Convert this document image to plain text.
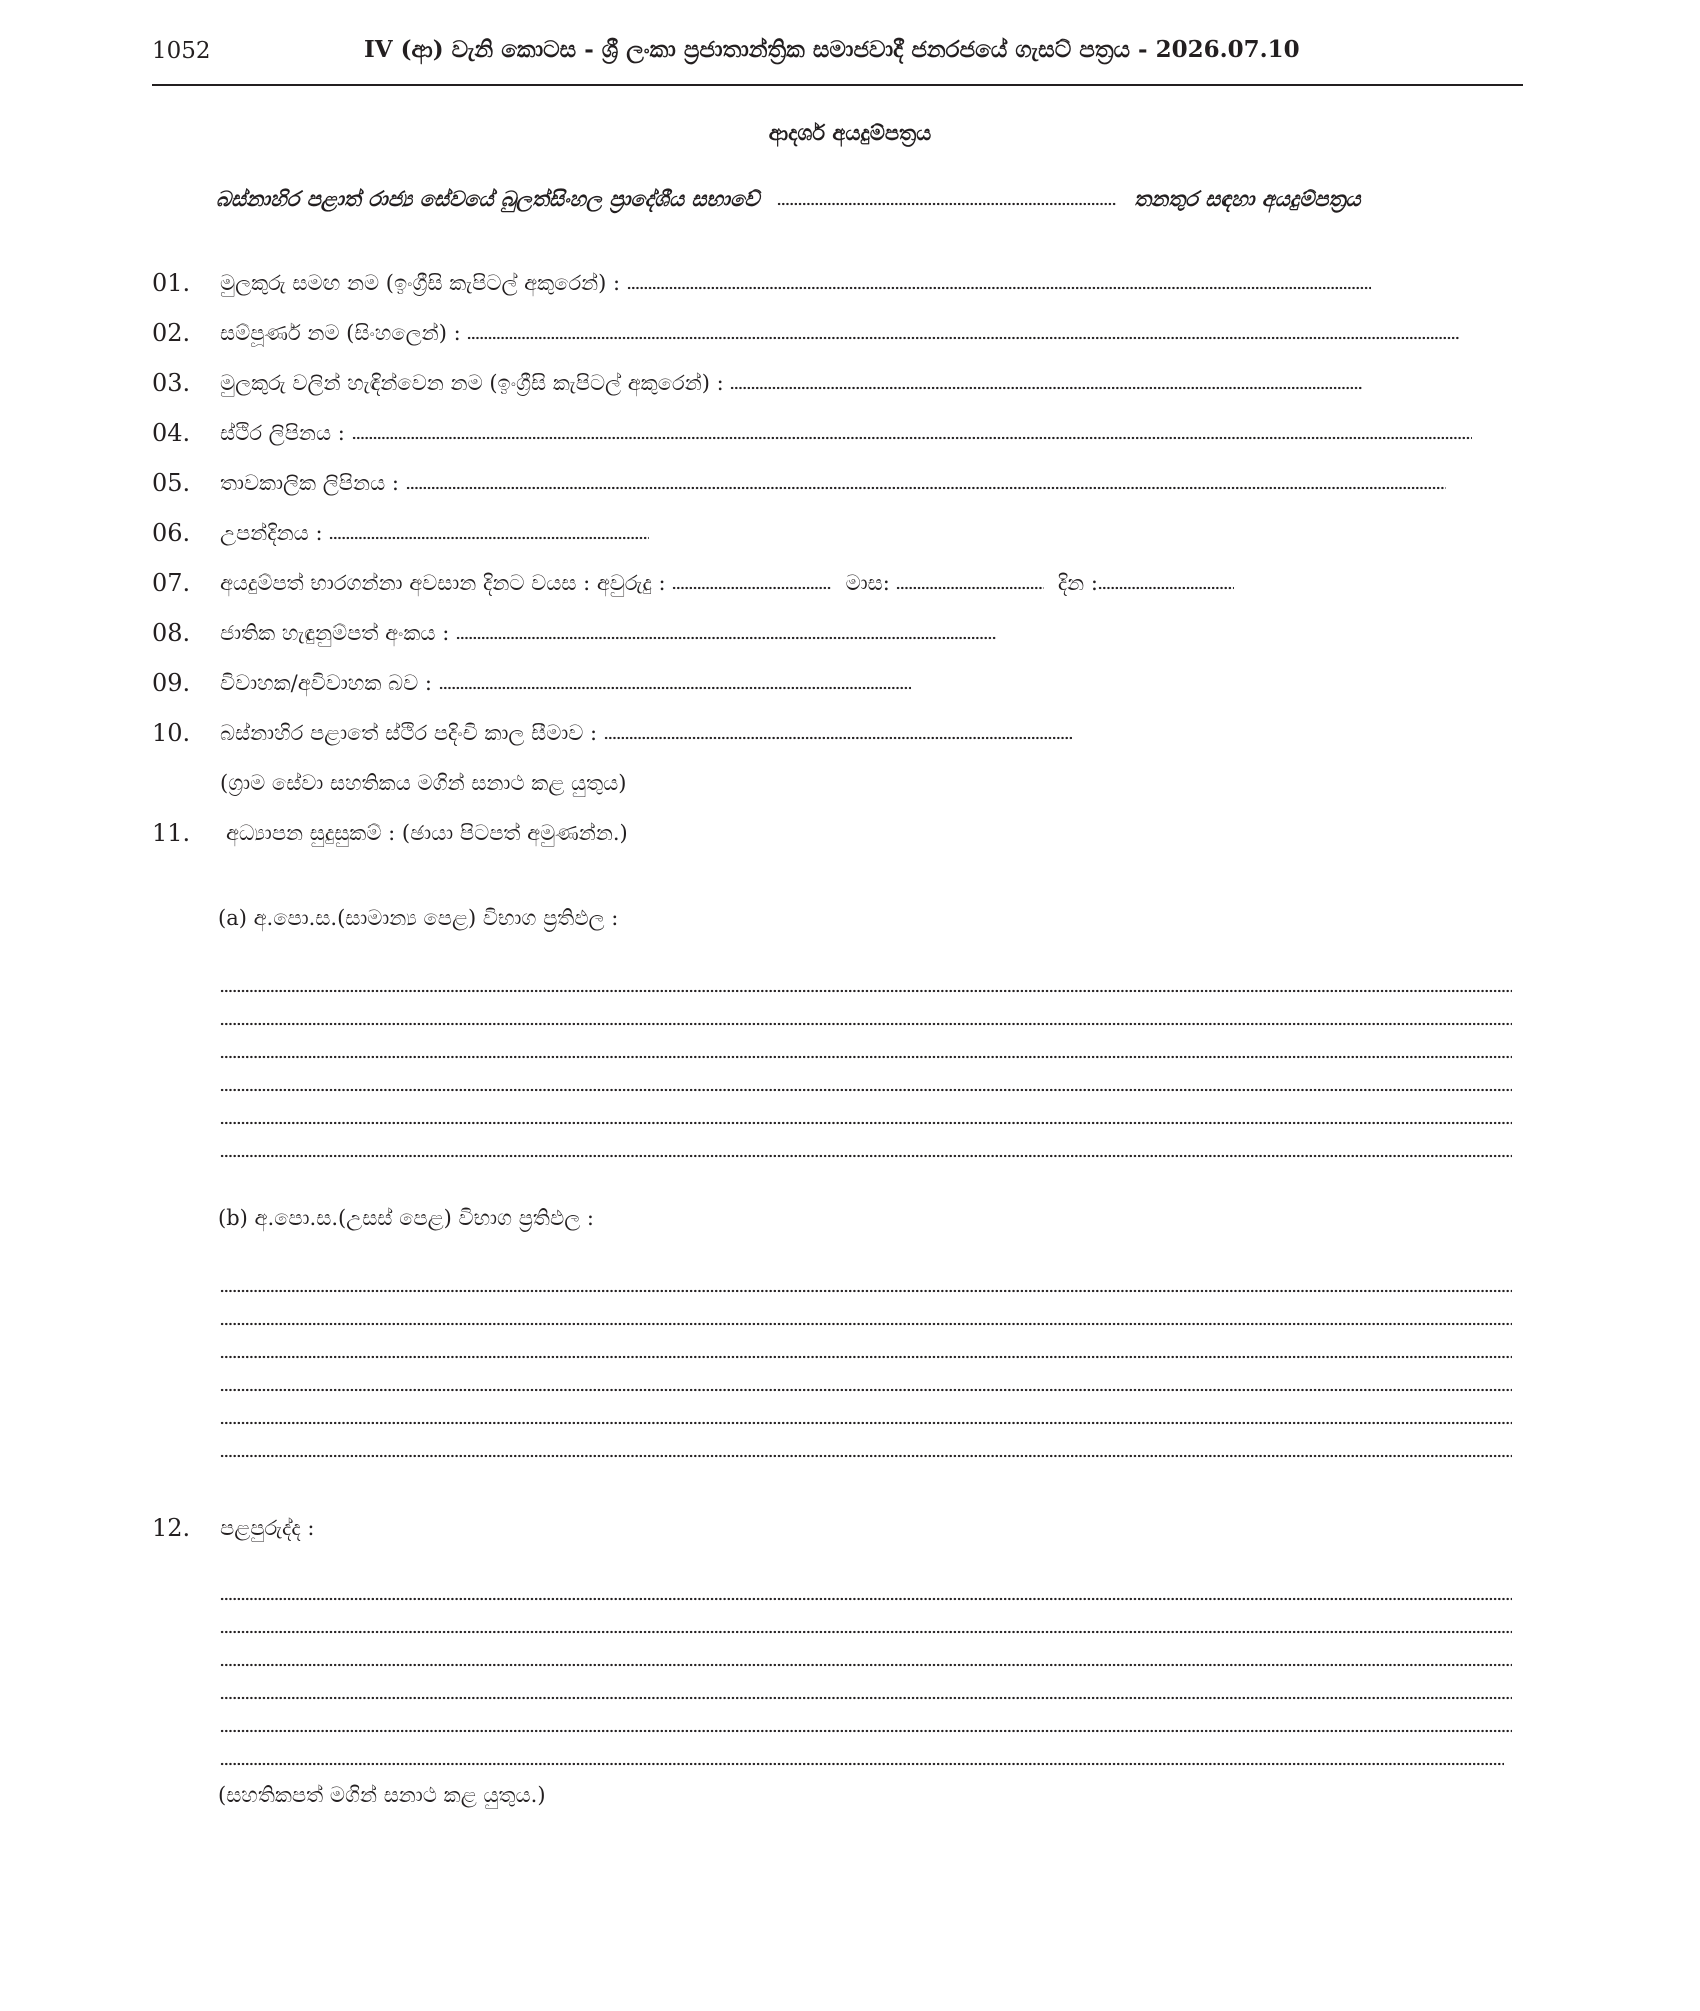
1052	IV (ආ) වැනි කොටස - ශ්‍රී ලංකා ප්‍රජාතාන්ත්‍රික සමාජවාදී ජනරජයේ ගැසට් පත්‍රය - 2026.07.10
ආදර්ශ අයදුම්පත්‍රය
බස්නාහිර පළාත් රාජ්‍ය සේවයේ බුලත්සිංහල ප්‍රාදේශීය සභාවේ	තනතුර සඳහා අයදුම්පත්‍රය
01. මුලකුරු සමඟ නම (ඉංග්‍රීසි කැපිටල් අකුරෙන්) :
02. සම්පූර්ණ නම (සිංහලෙන්) :
03. මුලකුරු වලින් හැඳින්වෙන නම (ඉංග්‍රීසි කැපිටල් අකුරෙන්) :
04. ස්ථිර ලිපිනය :
05. තාවකාලික ලිපිනය :
06. උපන්දිනය :
07. අයදුම්පත් භාරගන්නා අවසාන දිනට වයස : අවුරුදු :	මාස:	දින :
08. ජාතික හැඳුනුම්පත් අංකය :
09. විවාහක/අවිවාහක බව :
10. බස්නාහිර පළාතේ ස්ථිර පදිංචි කාල සීමාව :
(ග්‍රාම සේවා සහතිකය මගින් සනාථ කළ යුතුය)
11. අධ්‍යාපන සුදුසුකම් : (ඡායා පිටපත් අමුණන්න.)
(a) අ.පො.ස.(සාමාන්‍ය පෙළ) විභාග ප්‍රතිඵල :
(b) අ.පො.ස.(උසස් පෙළ) විභාග ප්‍රතිඵල :
12. පළපුරුද්ද :
(සහතිකපත් මගින් සනාථ කළ යුතුය.)
